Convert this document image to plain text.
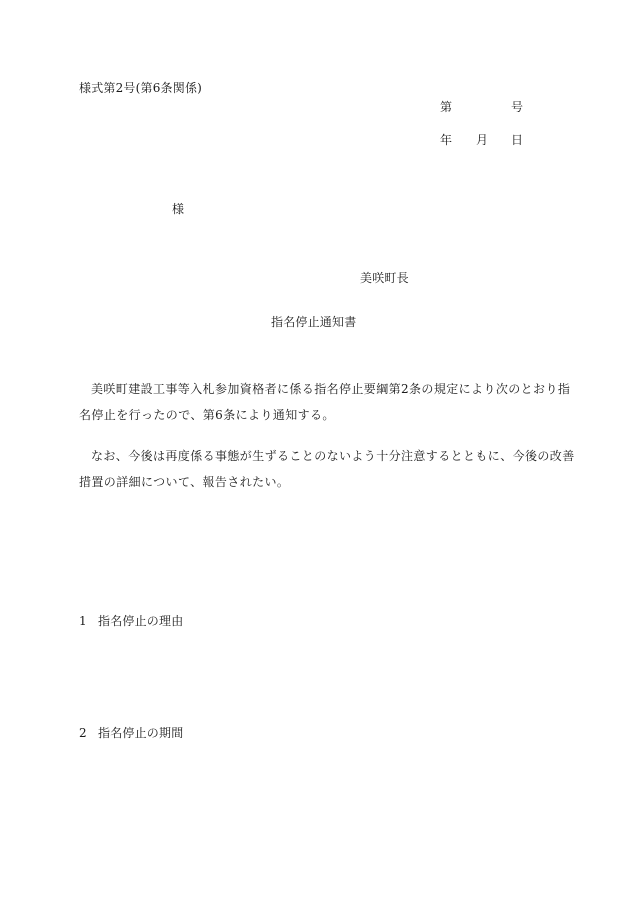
様式第2号(第6条関係)
第	号
年 月 日
様
美咲町長
指名停止通知書
美咲町建設工事等入札参加資格者に係る指名停止要綱第2条の規定により次のとおり指
名停止を行ったので、第6条により通知する。
なお、今後は再度係る事態が生ずることのないよう十分注意するとともに、今後の改善
措置の詳細について、報告されたい。
1 指名停止の理由
2 指名停止の期間
